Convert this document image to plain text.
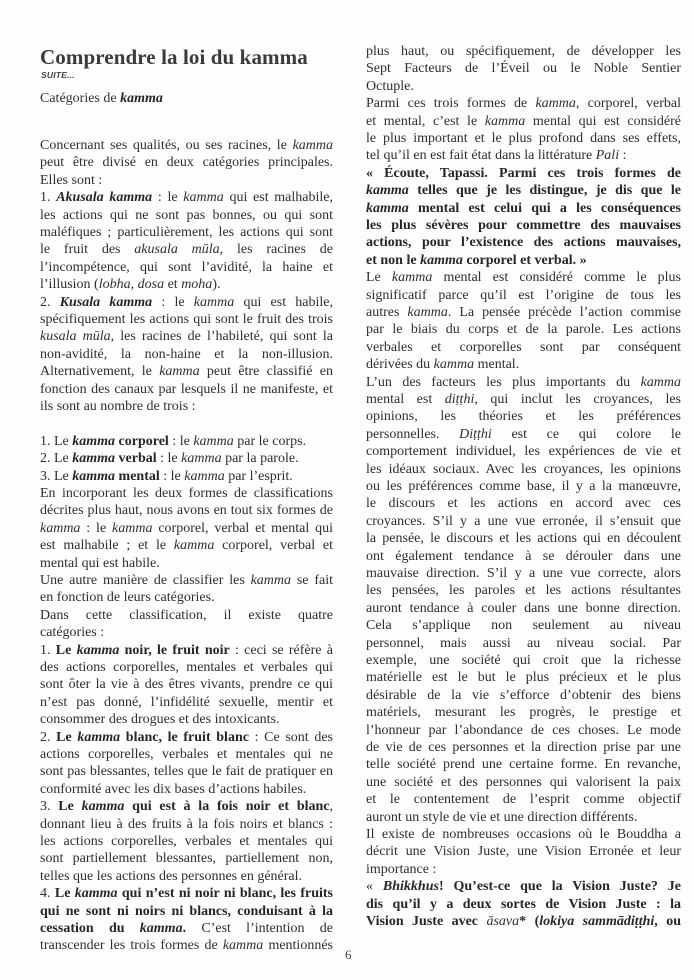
Comprendre la loi du kamma
SUITE...
Catégories de kamma
Concernant ses qualités, ou ses racines, le kamma
peut être divisé en deux catégories principales.
Elles sont :
1. Akusala kamma : le kamma qui est malhabile,
les actions qui ne sont pas bonnes, ou qui sont
maléfiques ; particulièrement, les actions qui sont
le fruit des akusala mūla, les racines de
l’incompétence, qui sont l’avidité, la haine et
l’illusion (lobha, dosa et moha).
2. Kusala kamma : le kamma qui est habile,
spécifiquement les actions qui sont le fruit des trois
kusala mūla, les racines de l’habileté, qui sont la
non-avidité, la non-haine et la non-illusion.
Alternativement, le kamma peut être classifié en
fonction des canaux par lesquels il ne manifeste, et
ils sont au nombre de trois :
1. Le kamma corporel : le kamma par le corps.
2. Le kamma verbal : le kamma par la parole.
3. Le kamma mental : le kamma par l’esprit.
En incorporant les deux formes de classifications
décrites plus haut, nous avons en tout six formes de
kamma : le kamma corporel, verbal et mental qui
est malhabile ; et le kamma corporel, verbal et
mental qui est habile.
Une autre manière de classifier les kamma se fait
en fonction de leurs catégories.
Dans cette classification, il existe quatre
catégories :
1. Le kamma noir, le fruit noir : ceci se réfère à
des actions corporelles, mentales et verbales qui
sont ôter la vie à des êtres vivants, prendre ce qui
n’est pas donné, l’infidélité sexuelle, mentir et
consommer des drogues et des intoxicants.
2. Le kamma blanc, le fruit blanc : Ce sont des
actions corporelles, verbales et mentales qui ne
sont pas blessantes, telles que le fait de pratiquer en
conformité avec les dix bases d’actions habiles.
3. Le kamma qui est à la fois noir et blanc,
donnant lieu à des fruits à la fois noirs et blancs :
les actions corporelles, verbales et mentales qui
sont partiellement blessantes, partiellement non,
telles que les actions des personnes en général.
4. Le kamma qui n’est ni noir ni blanc, les fruits
qui ne sont ni noirs ni blancs, conduisant à la
cessation du kamma. C’est l’intention de
transcender les trois formes de kamma mentionnés
plus haut, ou spécifiquement, de développer les
Sept Facteurs de l’Éveil ou le Noble Sentier
Octuple.
Parmi ces trois formes de kamma, corporel, verbal
et mental, c’est le kamma mental qui est considéré
le plus important et le plus profond dans ses effets,
tel qu’il en est fait état dans la littérature Pali :
« Écoute, Tapassi. Parmi ces trois formes de
kamma telles que je les distingue, je dis que le
kamma mental est celui qui a les conséquences
les plus sévères pour commettre des mauvaises
actions, pour l’existence des actions mauvaises,
et non le kamma corporel et verbal. »
Le kamma mental est considéré comme le plus
significatif parce qu’il est l’origine de tous les
autres kamma. La pensée précède l’action commise
par le biais du corps et de la parole. Les actions
verbales et corporelles sont par conséquent
dérivées du kamma mental.
L’un des facteurs les plus importants du kamma
mental est diṭṭhi, qui inclut les croyances, les
opinions, les théories et les préférences
personnelles. Diṭṭhi est ce qui colore le
comportement individuel, les expériences de vie et
les idéaux sociaux. Avec les croyances, les opinions
ou les préférences comme base, il y a la manœuvre,
le discours et les actions en accord avec ces
croyances. S’il y a une vue erronée, il s’ensuit que
la pensée, le discours et les actions qui en découlent
ont également tendance à se dérouler dans une
mauvaise direction. S’il y a une vue correcte, alors
les pensées, les paroles et les actions résultantes
auront tendance à couler dans une bonne direction.
Cela s’applique non seulement au niveau
personnel, mais aussi au niveau social. Par
exemple, une société qui croit que la richesse
matérielle est le but le plus précieux et le plus
désirable de la vie s’efforce d’obtenir des biens
matériels, mesurant les progrès, le prestige et
l’honneur par l’abondance de ces choses. Le mode
de vie de ces personnes et la direction prise par une
telle société prend une certaine forme. En revanche,
une société et des personnes qui valorisent la paix
et le contentement de l’esprit comme objectif
auront un style de vie et une direction différents.
Il existe de nombreuses occasions où le Bouddha a
décrit une Vision Juste, une Vision Erronée et leur
importance :
« Bhikkhus! Qu’est-ce que la Vision Juste? Je
dis qu’il y a deux sortes de Vision Juste : la
Vision Juste avec āsava* (lokiya sammādiṭṭhi, ou
6
